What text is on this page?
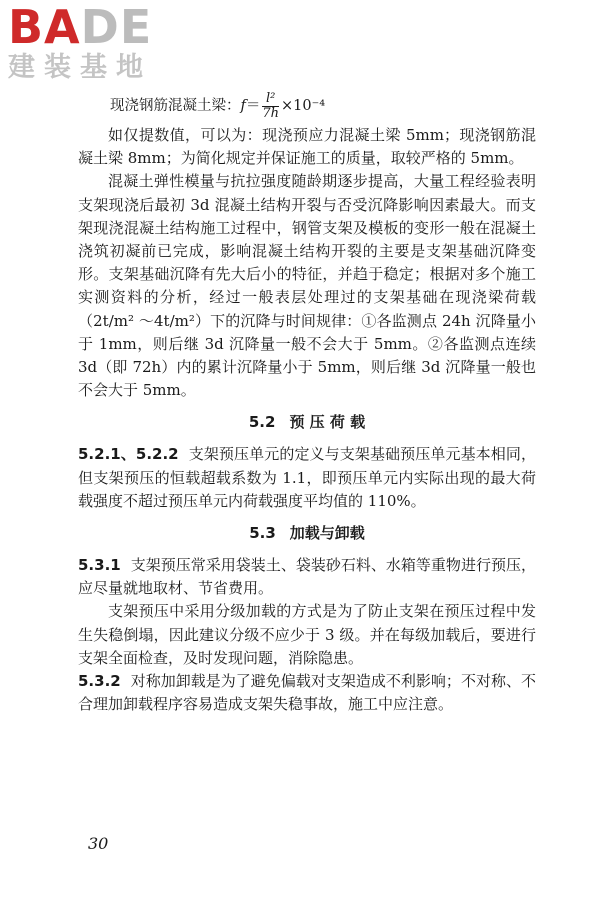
BADE
建装基地
现浇钢筋混凝土梁：$f= \frac{\text{l²}}{7h} \times 10^{-4}$

如仅提数值，可以为：现浇预应力混凝土梁 5mm；现浇钢筋混凝土梁 8mm；为简化规定并保证施工的质量，取较严格的 5mm。

混凝土弹性模量与抗拉强度随龄期逐步提高，大量工程经验表明支架现浇后最初 3d 混凝土结构开裂与否受沉降影响因素最大。而支架现浇混凝土结构施工过程中，钢管支架及模板的变形一般在混凝土浇筑初凝前已完成，影响混凝土结构开裂的主要是支架基础沉降变形。支架基础沉降有先大后小的特征，并趋于稳定；根据对多个施工实测资料的分析，经过一般表层处理过的支架基础在现浇梁荷载（2t/m² ～4t/m²）下的沉降与时间规律：①各监测点 24h 沉降量小于 1mm，则后继 3d 沉降量一般不会大于 5mm。②各监测点连续 3d（即 72h）内的累计沉降量小于 5mm，则后继 3d 沉降量一般也不会大于 5mm。

5.2 预 压 荷 载

5.2.1、5.2.2 支架预压单元的定义与支架基础预压单元基本相同，但支架预压的恒载超载系数为 1.1，即预压单元内实际出现的最大荷载强度不超过预压单元内荷载强度平均值的 110%。

5.3 加载与卸载

5.3.1 支架预压常采用袋装土、袋装砂石料、水箱等重物进行预压，应尽量就地取材、节省费用。

支架预压中采用分级加载的方式是为了防止支架在预压过程中发生失稳倒塌，因此建议分级不应少于 3 级。并在每级加载后，要进行支架全面检查，及时发现问题，消除隐患。

5.3.2 对称加卸载是为了避免偏载对支架造成不利影响；不对称、不合理加卸载程序容易造成支架失稳事故，施工中应注意。

30
